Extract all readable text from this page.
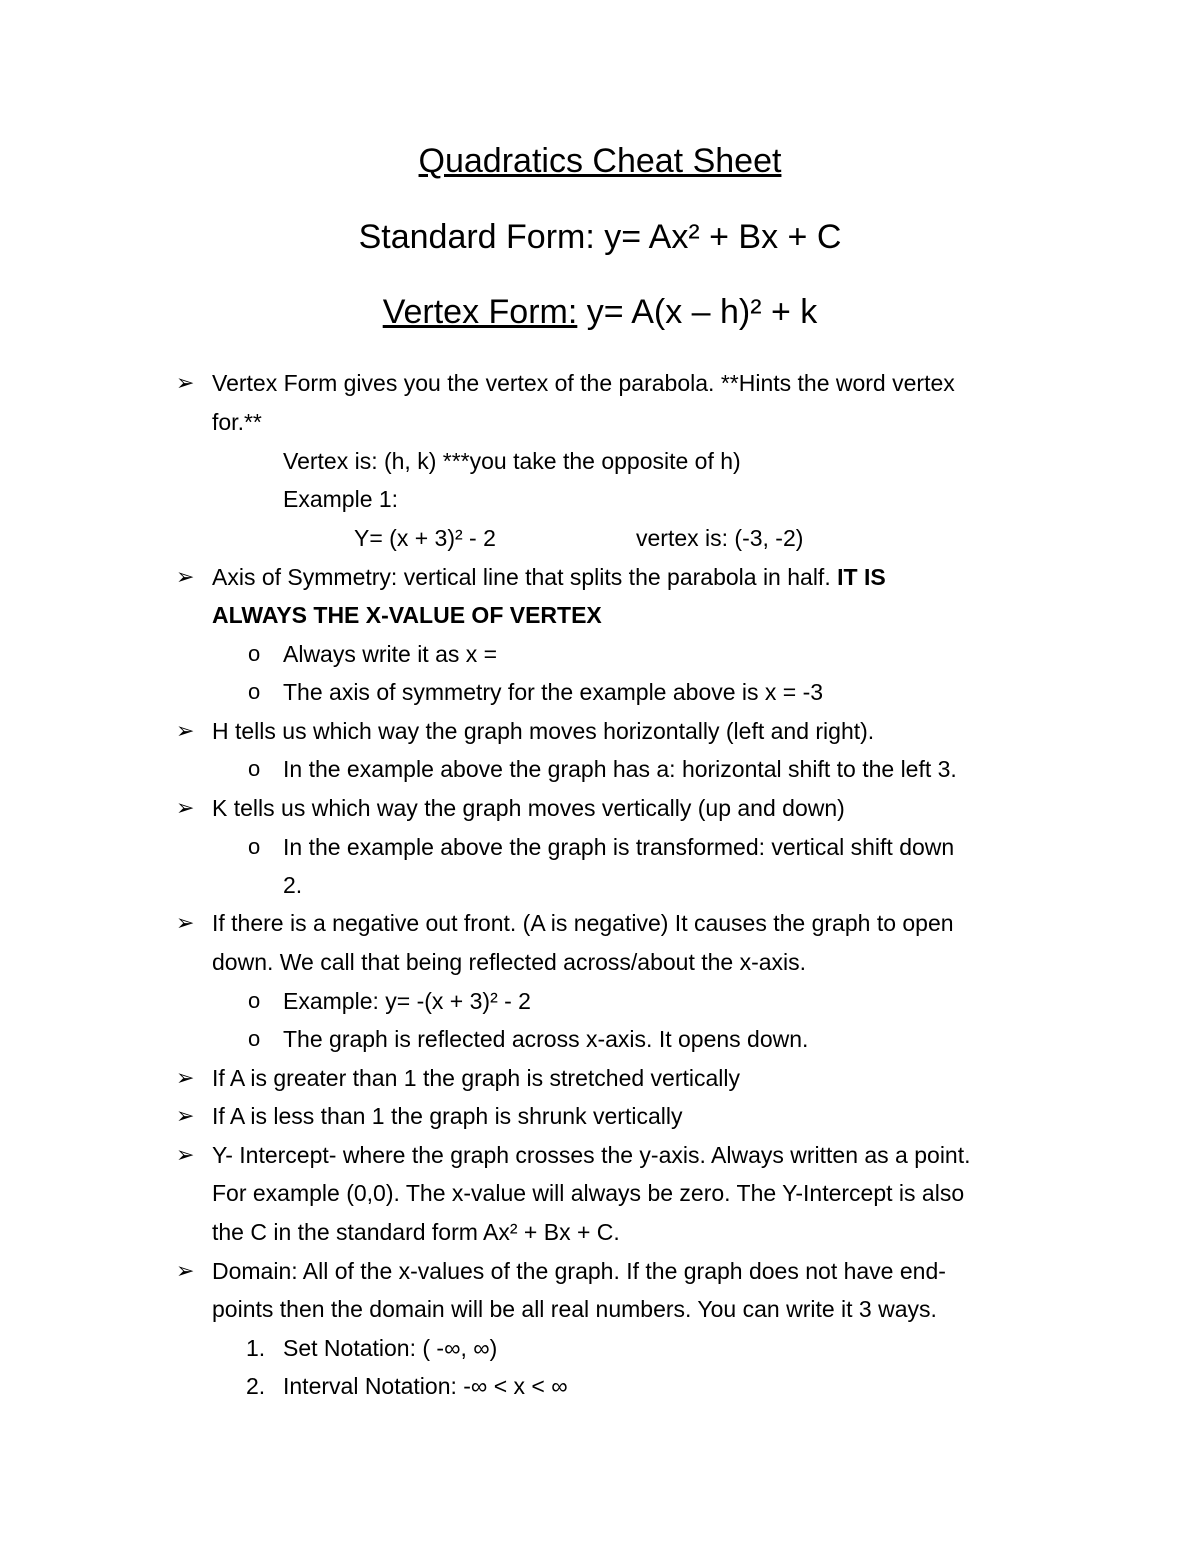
Quadratics Cheat Sheet
Standard Form: y= Ax² + Bx + C
Vertex Form: y= A(x – h)² + k
➢ Vertex Form gives you the vertex of the parabola. **Hints the word vertex
for.**
Vertex is: (h, k) ***you take the opposite of h)
Example 1:
Y= (x + 3)² - 2	vertex is: (-3, -2)
➢ Axis of Symmetry: vertical line that splits the parabola in half. IT IS
ALWAYS THE X-VALUE OF VERTEX
o Always write it as x =
o The axis of symmetry for the example above is x = -3
➢ H tells us which way the graph moves horizontally (left and right).
o In the example above the graph has a: horizontal shift to the left 3.
➢ K tells us which way the graph moves vertically (up and down)
o In the example above the graph is transformed: vertical shift down
2.
➢ If there is a negative out front. (A is negative) It causes the graph to open
down. We call that being reflected across/about the x-axis.
o Example: y= -(x + 3)² - 2
o The graph is reflected across x-axis. It opens down.
➢ If A is greater than 1 the graph is stretched vertically
➢ If A is less than 1 the graph is shrunk vertically
➢ Y- Intercept- where the graph crosses the y-axis. Always written as a point.
For example (0,0). The x-value will always be zero. The Y-Intercept is also
the C in the standard form Ax² + Bx + C.
➢ Domain: All of the x-values of the graph. If the graph does not have end-
points then the domain will be all real numbers. You can write it 3 ways.
1. Set Notation: ( -∞, ∞)
2. Interval Notation: -∞ < x < ∞
